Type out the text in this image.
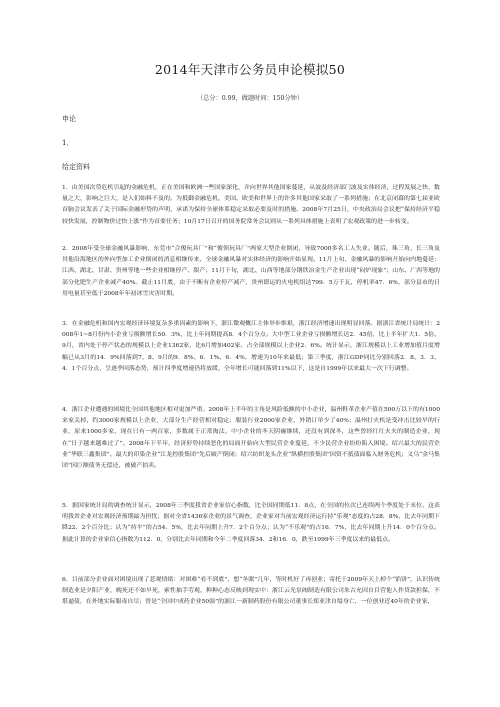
2014年天津市公务员申论模拟50
（总分：0.99，做题时间：150分钟）
申论
1．
给定资料
1．由美国次贷危机引起的金融危机，正在美国和欧洲一些国家深化，并向世界其他国家蔓延，从波及经济部门波及实体经济，过程发展之快，数量之大，影响之巨大，是人们始料不及的。为抵御金融危机，美国、欧美和世界上的许多其他国家采取了一系列措施；在北京闭幕的第七届亚欧首脑会议发表了关于国际金融形势的声明，承诺为保持全球体系稳定采取必要及时的措施。2008年7月25日，中央政治局会议把“保持经济平稳较快发展，控制物价过快上涨”作为首要任务；10月17日召开的国务院常务会议则从一系列具体措施上表明了宏观政策的进一步转变。
2．2008年受全球金融风暴影响，东莞市“合俊玩具厂”和“俊领玩具厂”两家大型企业倒闭，导致7000多名工人失业。随后，珠三角、长三角及其他沿海地区的外向型加工企业倒闭的消息相继传来，全球金融风暴对实体经济的影响开始显现。11月上旬，金融风暴的影响开始向内地蔓延：江西、湖北、甘肃、贵州等地一些企业相继停产、限产；11月下旬，湖北、山西等地部分钢铁冶金生产企业出现“闷炉现象”；山东、广西等地的部分化肥生产企业减产40%。截止11月底，由于不断有企业停产减产，贵州即运的火电机组达799．5万千瓦，停机率47．6%，部分县市的日用电量甚至低于2008年年初冰雪灾害时期。
3．在金融危机和国内宏观经济环境复杂多重因素的影响下，浙江微观概江主体举步维艰，浙江经济增速出现明显回落。据浙江省统计局统计：2008年1~8月份内小企业亏损额增长50．3%，比上年同期提高8．4个百分点；大中型工业企业亏损额增长达2．45倍，比上半年扩大1．5倍。9月，省内处于停产状态的规模以上企业1362家，比6月增加402家。占全部规模以上企业2．6%。统计显示，浙江规模以上工业增加值月度增幅已从3月的14．9%回落到7、8、9月的9．8%、6．1%、6．4%，增速为10年来最低；第三季度，浙江GDP同比分别回落2．8、3．3、4．1个百分点，呈逐季回落态势，预计四季度增速仍将放缓，全年增长可能回落到11%以下，这是自1999年以来最大一次下行调整。
4．浙江企业遭遇的困境比全国其他地区相对更加严重。2008年上半年的主角是风险低额的中小企业，温州鞋革企业产值在500万以下的有1000来家关掉，约3000家规模以上企业，大部分生产经营相对稳定；服装行业2000家企业，外销订单少了40%；温州打火机是受冲击比较早的行业，原来1000多家，现在只有一两百家，多数属于正常淘汰。中小企业的冬天阴霾继续，还没有到深冬，这些曾经红红火火的制造企业，现在“日子越来越难过了”。2008年下半年，经济形势持续恶化的局面开始向大型民营企业蔓延，不少民营企业纷纷陷入困境。绍兴最大的民营企业“华联三鑫集团”、最大的印染企业“江龙控股集团”先后破产倒闭；绍兴纺织龙头企业“纵横控股集团”因资不抵债面临入财务危机；义乌“金马集团”因巨额债务无偿还，被破产拍卖。
5．据国家统计局的调查统计显示，2008年三季度我省企业家信心指数，比全国同期低11．8点，在全国的位次已连续两个季度处于末位，这表明我省企业对宏观经济预期最为担忧；据对全省1436家企业的景气调查，企业家对当前宏观经济运行持“乐观”态度的占28．8%，比去年同期下降22．2个百分比；认为“持平”的占54．5%，比去年同期上升7．2个百分点；认为“不乐观”的占16．7%，比去年同期上升14．0个百分点。据此计算的企业家信心指数为112．0，分别比去年同期和今年二季度回落34．2和16．0，跌至1999年三季度以来的最低点。
6．目前部分企业面对困境出现了悲观情绪：对困难“看不到底”，想“冬眠”几年，等时机好了再创业；寄托于2009年天上掉个“馅饼”，认识传统制造业是夕阳产业，晚死还不如早死，索性抽手劳观，种种心态反映到现实中：浙江云光泵阀制造有限公司朱古允因自目营他人作贷款担保，不堪逼债，在外地实际服毒自尽；曾是“全国中成药企业50强”的浙江一新制药股份有限公司董事长郑亚津自缢身亡，一位创业近40年的企业家，
